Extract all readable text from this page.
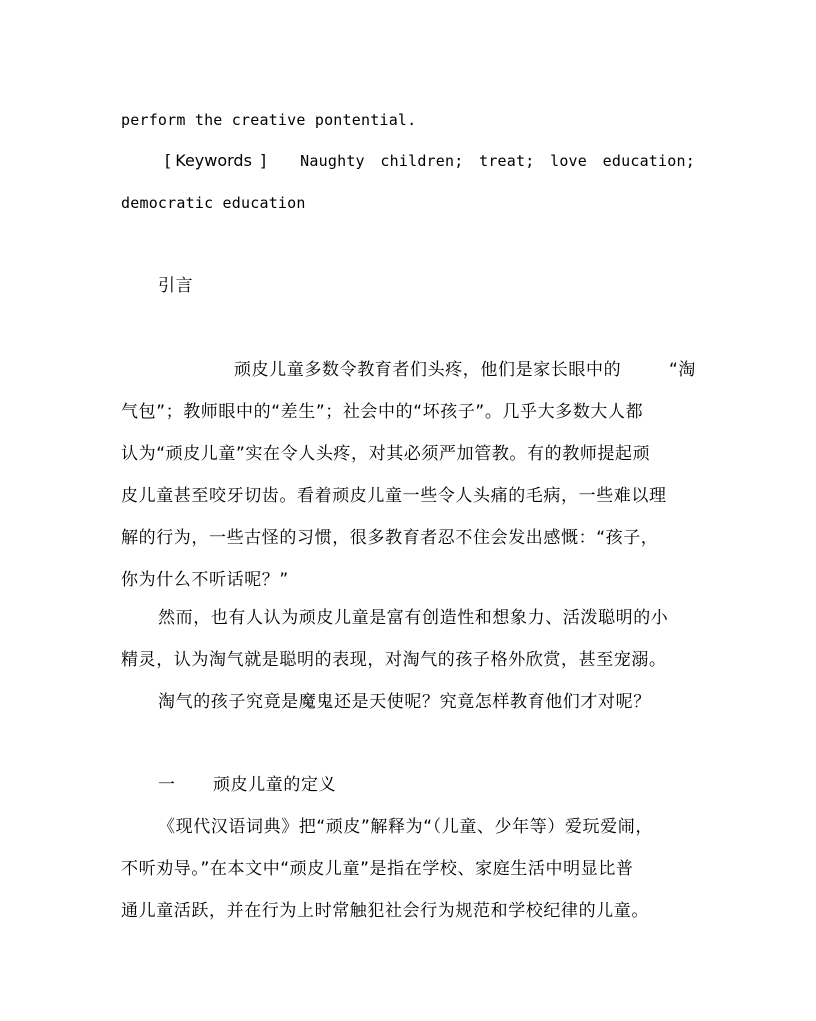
perform the creative pontential.
[ Keywords ] Naughty children; treat; love education;
democratic education
引言
顽皮儿童多数令教育者们头疼，他们是家长眼中的	“淘
气包”；教师眼中的“差生”；社会中的“坏孩子”。几乎大多数大人都
认为“顽皮儿童”实在令人头疼，对其必须严加管教。有的教师提起顽
皮儿童甚至咬牙切齿。看着顽皮儿童一些令人头痛的毛病，一些难以理
解的行为，一些古怪的习惯，很多教育者忍不住会发出感慨：“孩子，
你为什么不听话呢？”
然而，也有人认为顽皮儿童是富有创造性和想象力、活泼聪明的小
精灵，认为淘气就是聪明的表现，对淘气的孩子格外欣赏，甚至宠溺。
淘气的孩子究竟是魔鬼还是天使呢？究竟怎样教育他们才对呢？
一 顽皮儿童的定义
《现代汉语词典》把“顽皮”解释为“（儿童、少年等）爱玩爱闹，
不听劝导。”在本文中“顽皮儿童”是指在学校、家庭生活中明显比普
通儿童活跃，并在行为上时常触犯社会行为规范和学校纪律的儿童。
